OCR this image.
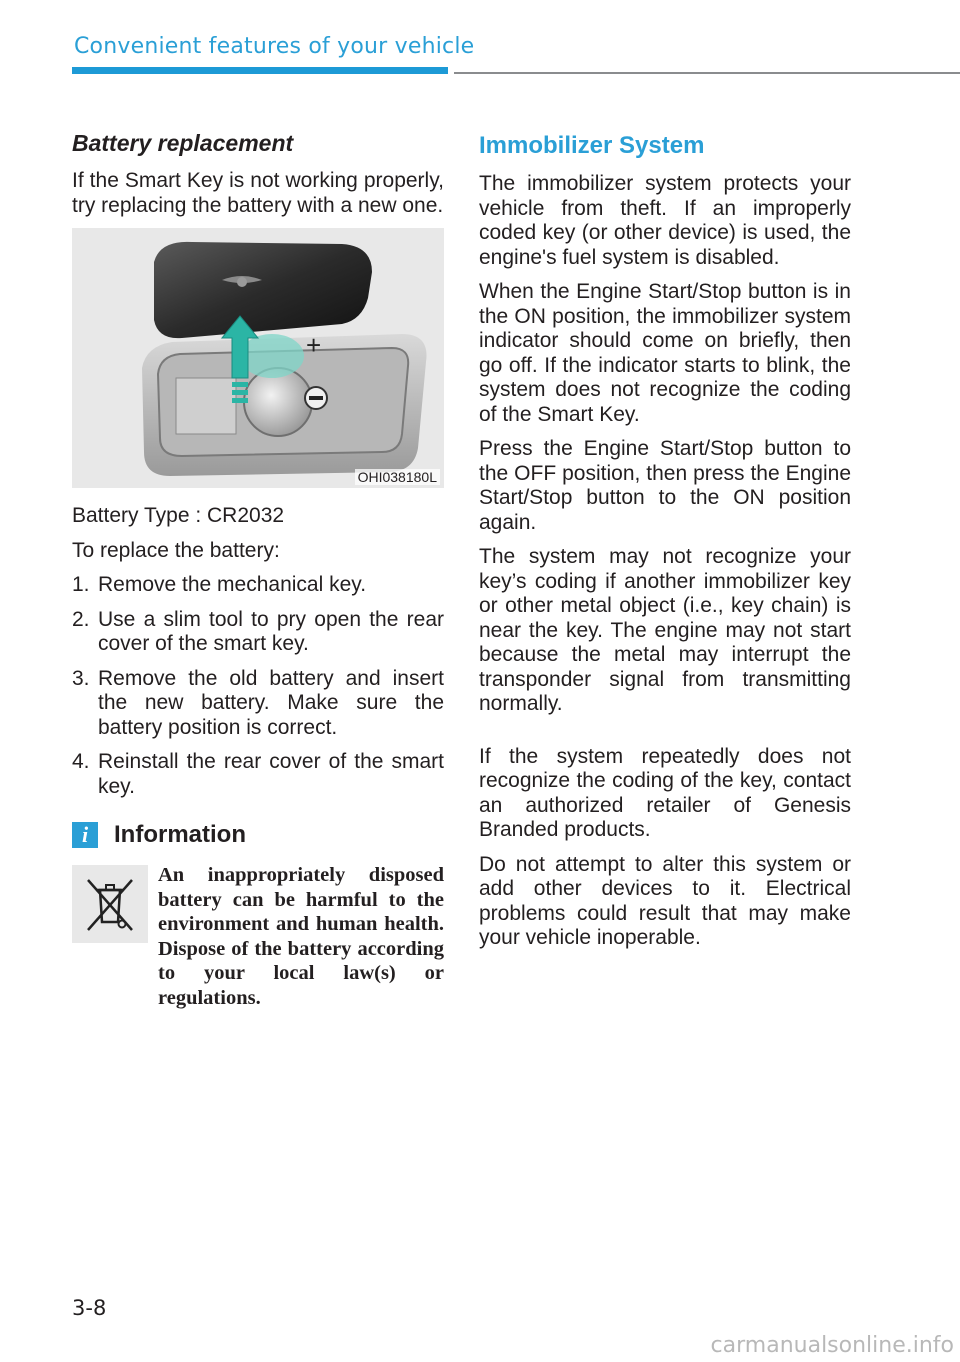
Convenient features of your vehicle
Battery replacement

If the Smart Key is not working properly, try replacing the battery with a new one.

+
OHI038180L

Battery Type : CR2032

To replace the battery:

1. Remove the mechanical key.
2. Use a slim tool to pry open the rear cover of the smart key.
3. Remove the old battery and insert the new battery. Make sure the battery position is correct.
4. Reinstall the rear cover of the smart key.
i	Information
An inappropriately disposed battery can be harmful to the environment and human health. Dispose of the battery according to your local law(s) or regulations.
Immobilizer System

The immobilizer system protects your vehicle from theft. If an improperly coded key (or other device) is used, the engine's fuel system is disabled.

When the Engine Start/Stop button is in the ON position, the immobilizer system indicator should come on briefly, then go off. If the indicator starts to blink, the system does not recognize the coding of the Smart Key.

Press the Engine Start/Stop button to the OFF position, then press the Engine Start/Stop button to the ON position again.

The system may not recognize your key’s coding if another immobilizer key or other metal object (i.e., key chain) is near the key. The engine may not start because the metal may interrupt the transponder signal from transmitting normally.

If the system repeatedly does not recognize the coding of the key, contact an authorized retailer of Genesis Branded products.

Do not attempt to alter this system or add other devices to it. Electrical problems could result that may make your vehicle inoperable.

3-8
carmanualsonline.info
